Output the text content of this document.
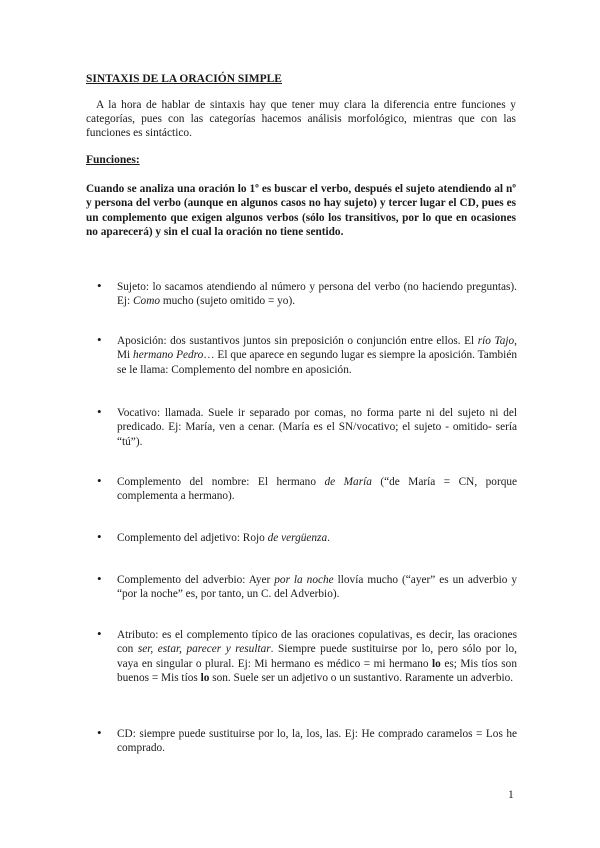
SINTAXIS DE LA ORACIÓN SIMPLE
A la hora de hablar de sintaxis hay que tener muy clara la diferencia entre funciones y categorías, pues con las categorías hacemos análisis morfológico, mientras que con las funciones es sintáctico.
Funciones:
Cuando se analiza una oración lo 1º es buscar el verbo, después el sujeto atendiendo al nº y persona del verbo (aunque en algunos casos no hay sujeto) y tercer lugar el CD, pues es un complemento que exigen algunos verbos (sólo los transitivos, por lo que en ocasiones no aparecerá) y sin el cual la oración no tiene sentido.
• Sujeto: lo sacamos atendiendo al número y persona del verbo (no haciendo preguntas). Ej: Como mucho (sujeto omitido = yo).
• Aposición: dos sustantivos juntos sin preposición o conjunción entre ellos. El río Tajo, Mi hermano Pedro… El que aparece en segundo lugar es siempre la aposición. También se le llama: Complemento del nombre en aposición.
• Vocativo: llamada. Suele ir separado por comas, no forma parte ni del sujeto ni del predicado. Ej: María, ven a cenar. (María es el SN/vocativo; el sujeto - omitido- sería “tú”).
• Complemento del nombre: El hermano de María (“de María = CN, porque complementa a hermano).
• Complemento del adjetivo: Rojo de vergüenza.
• Complemento del adverbio: Ayer por la noche llovía mucho (“ayer” es un adverbio y “por la noche” es, por tanto, un C. del Adverbio).
• Atributo: es el complemento típico de las oraciones copulativas, es decir, las oraciones con ser, estar, parecer y resultar. Siempre puede sustituirse por lo, pero sólo por lo, vaya en singular o plural. Ej: Mi hermano es médico = mi hermano lo es; Mis tíos son buenos = Mis tíos lo son. Suele ser un adjetivo o un sustantivo. Raramente un adverbio.
• CD: siempre puede sustituirse por lo, la, los, las. Ej: He comprado caramelos = Los he comprado.
1
